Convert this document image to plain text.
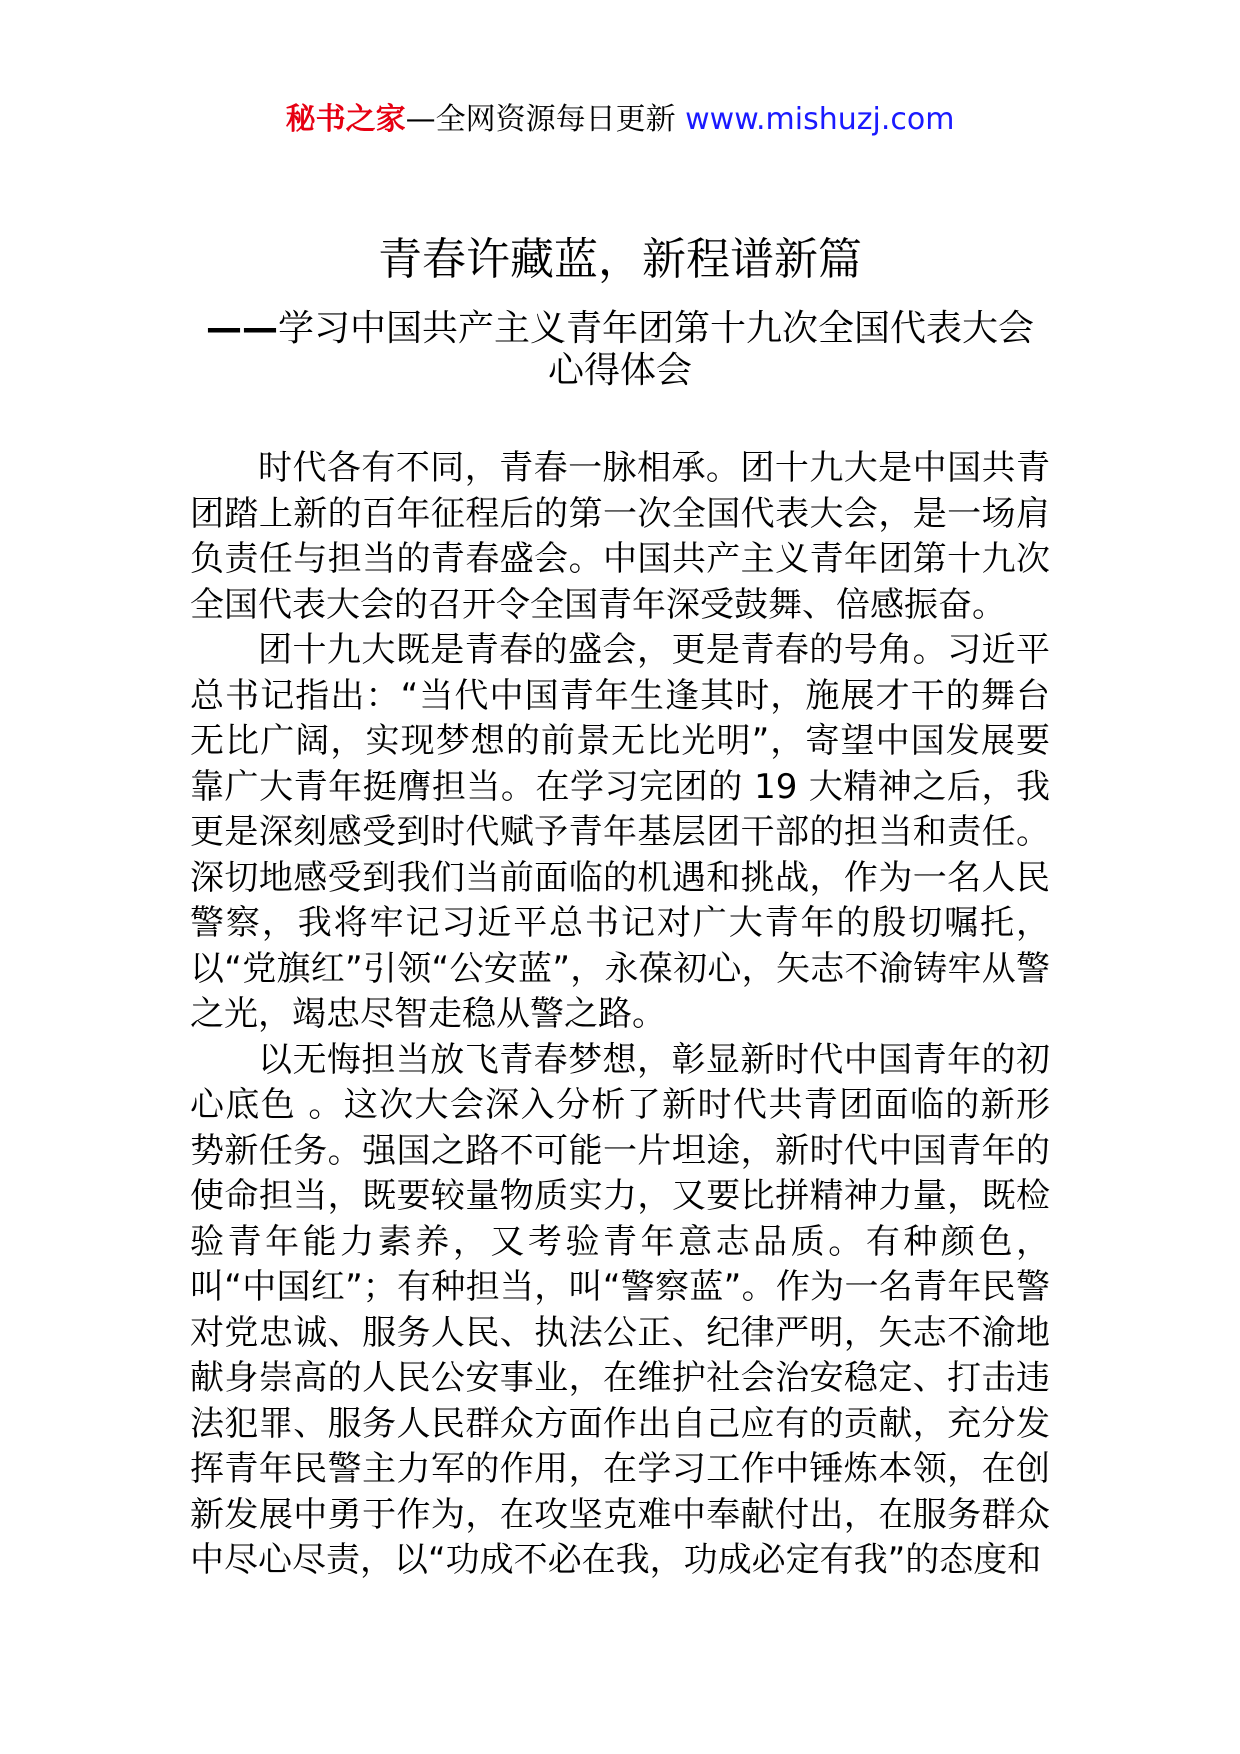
秘书之家—全网资源每日更新 www.mishuzj.com
青春许藏蓝，新程谱新篇
——学习中国共产主义青年团第十九次全国代表大会心得体会

时代各有不同，青春一脉相承。团十九大是中国共青团踏上新的百年征程后的第一次全国代表大会，是一场肩负责任与担当的青春盛会。中国共产主义青年团第十九次全国代表大会的召开令全国青年深受鼓舞、倍感振奋。

团十九大既是青春的盛会，更是青春的号角。习近平总书记指出：“当代中国青年生逢其时，施展才干的舞台无比广阔，实现梦想的前景无比光明”，寄望中国发展要靠广大青年挺膺担当。在学习完团的 19 大精神之后，我更是深刻感受到时代赋予青年基层团干部的担当和责任。深切地感受到我们当前面临的机遇和挑战，作为一名人民警察，我将牢记习近平总书记对广大青年的殷切嘱托，以“党旗红”引领“公安蓝”，永葆初心，矢志不渝铸牢从警之光，竭忠尽智走稳从警之路。

以无悔担当放飞青春梦想，彰显新时代中国青年的初心底色 。这次大会深入分析了新时代共青团面临的新形势新任务。强国之路不可能一片坦途，新时代中国青年的使命担当，既要较量物质实力，又要比拼精神力量，既检验青年能力素养，又考验青年意志品质。有种颜色，叫“中国红”；有种担当，叫“警察蓝”。作为一名青年民警对党忠诚、服务人民、执法公正、纪律严明，矢志不渝地献身崇高的人民公安事业，在维护社会治安稳定、打击违法犯罪、服务人民群众方面作出自己应有的贡献，充分发挥青年民警主力军的作用，在学习工作中锤炼本领，在创新发展中勇于作为，在攻坚克难中奉献付出，在服务群众中尽心尽责，以“功成不必在我，功成必定有我”的态度和
